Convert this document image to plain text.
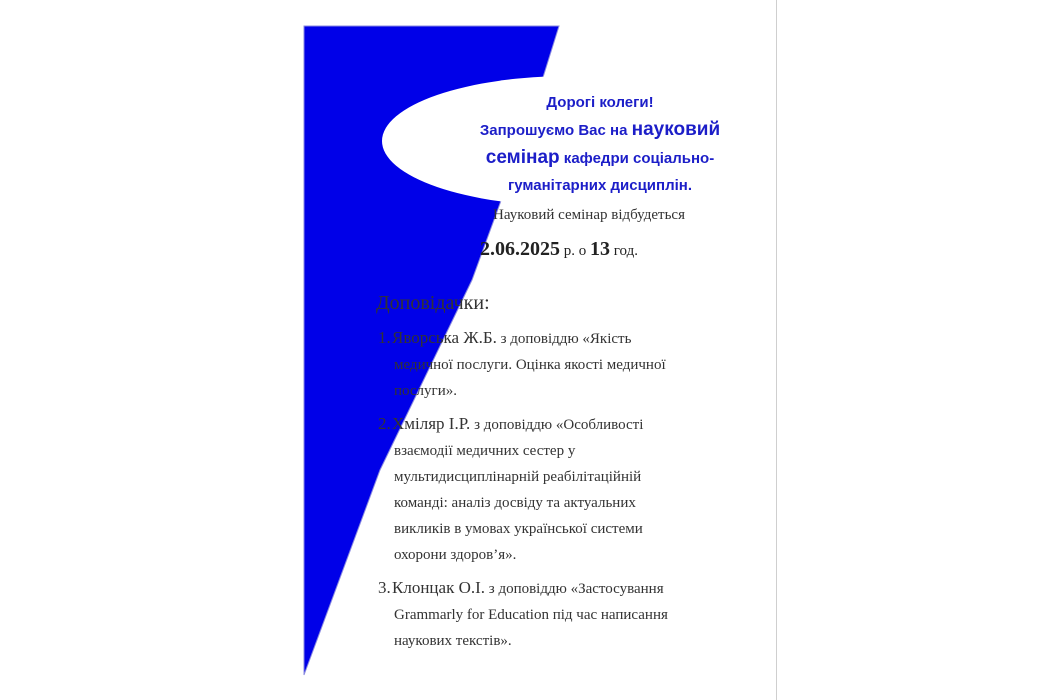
Дорогі колеги!
Запрошуємо Вас на науковий
семінар кафедри соціально-
гуманітарних дисциплін.
Науковий семінар відбудеться
2.06.2025 р. о 13 год.
Доповідачки:
1. Яворська Ж.Б. з доповіддю «Якість
медичної послуги. Оцінка якості медичної
послуги».
2. Хміляр І.Р. з доповіддю «Особливості
взаємодії медичних сестер у
мультидисциплінарній реабілітаційній
команді: аналіз досвіду та актуальних
викликів в умовах української системи
охорони здоров’я».
3. Клонцак О.І. з доповіддю «Застосування
Grammarly for Education під час написання
наукових текстів».
